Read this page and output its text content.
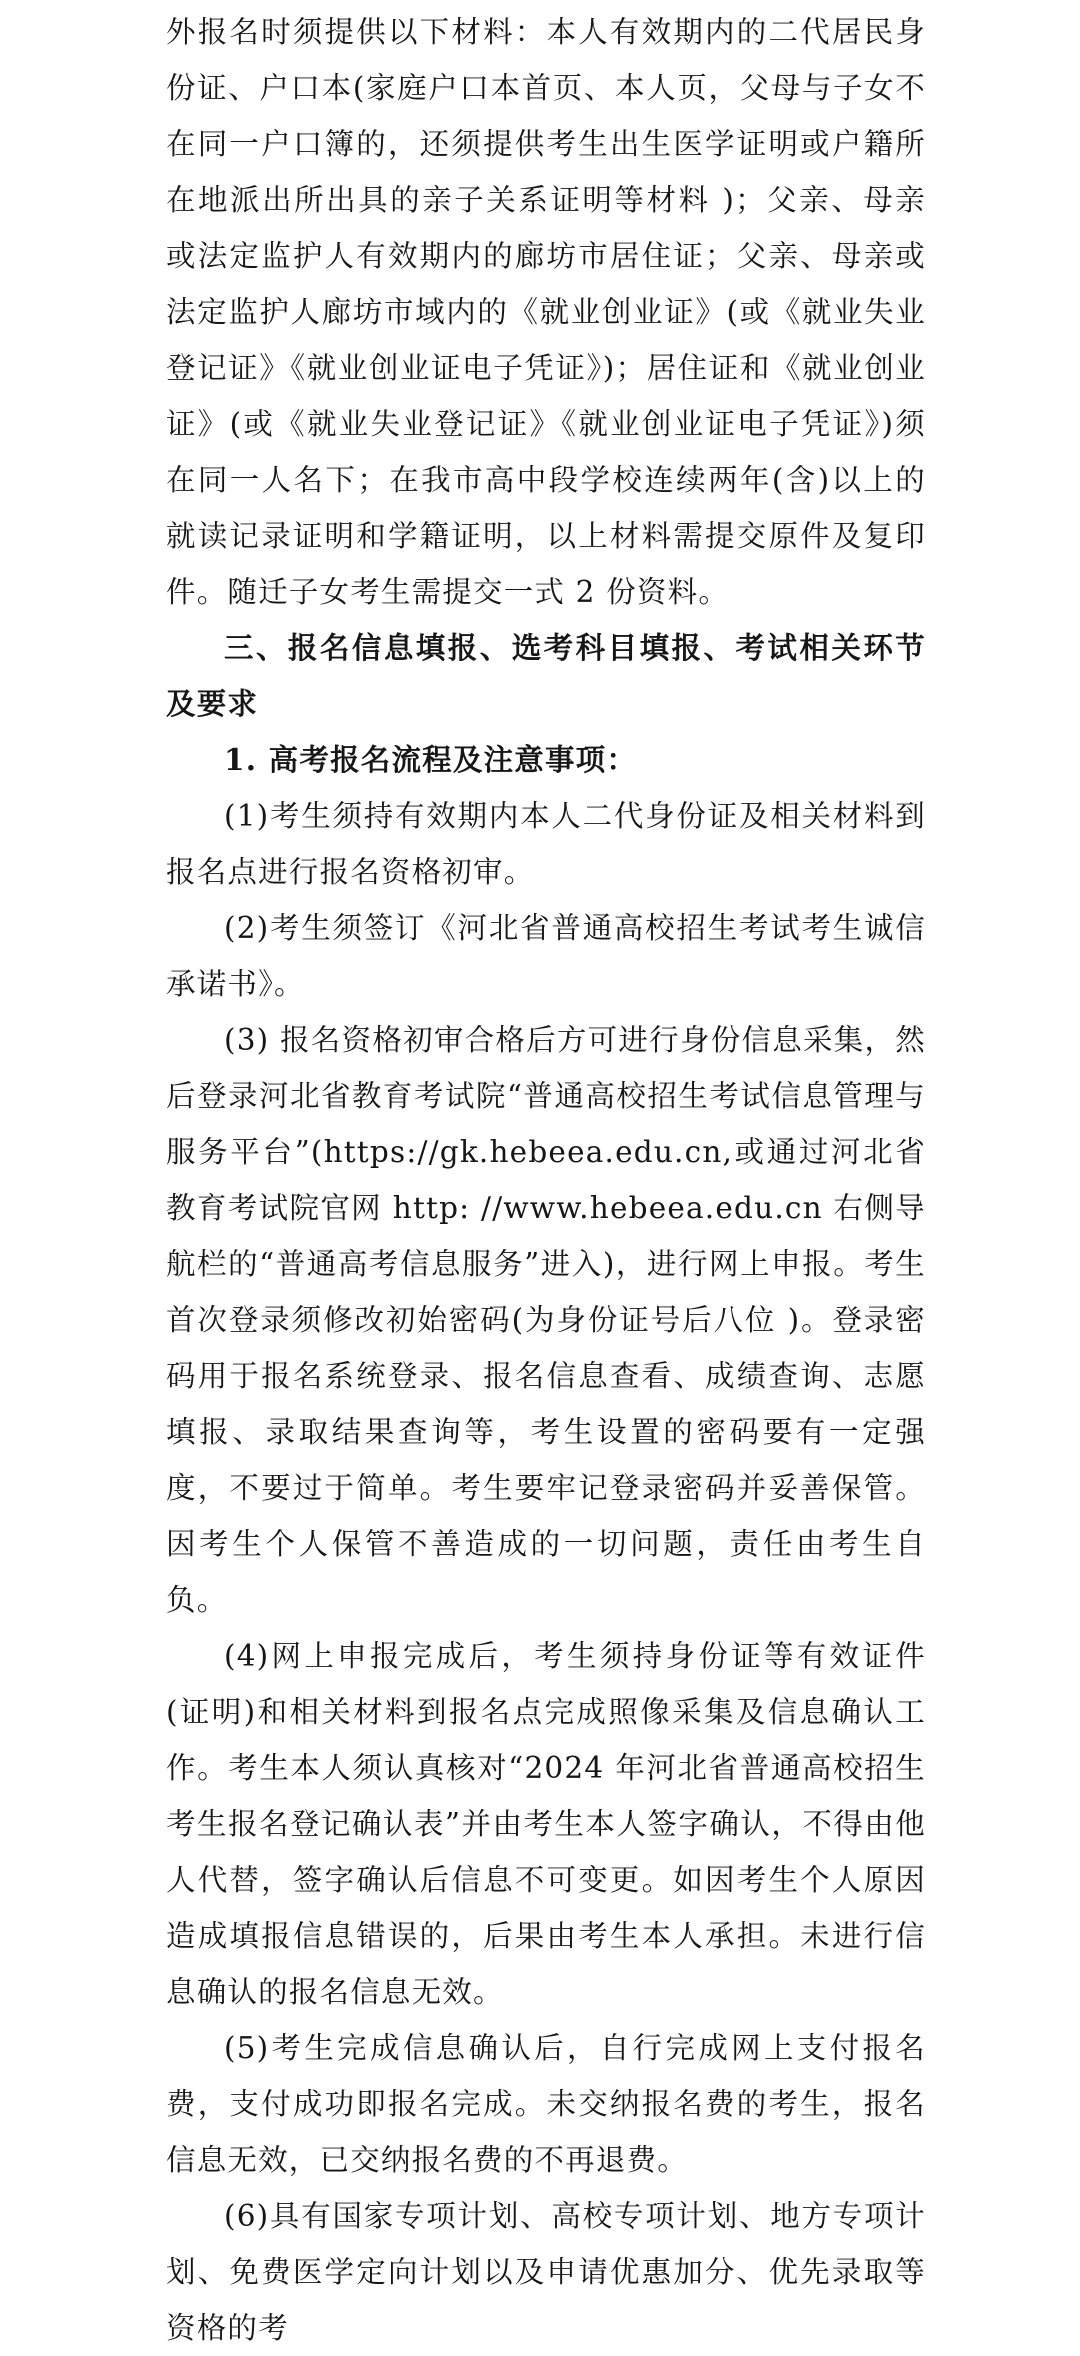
外报名时须提供以下材料：本人有效期内的二代居民身份证、户口本(家庭户口本首页、本人页，父母与子女不在同一户口簿的，还须提供考生出生医学证明或户籍所在地派出所出具的亲子关系证明等材料 )；父亲、母亲或法定监护人有效期内的廊坊市居住证；父亲、母亲或法定监护人廊坊市域内的《就业创业证》(或《就业失业登记证》《就业创业证电子凭证》)；居住证和《就业创业证》(或《就业失业登记证》《就业创业证电子凭证》)须在同一人名下；在我市高中段学校连续两年(含)以上的就读记录证明和学籍证明，以上材料需提交原件及复印件。随迁子女考生需提交一式 2 份资料。

三、报名信息填报、选考科目填报、考试相关环节及要求

1. 高考报名流程及注意事项：

(1)考生须持有效期内本人二代身份证及相关材料到报名点进行报名资格初审。

(2)考生须签订《河北省普通高校招生考试考生诚信承诺书》。

(3) 报名资格初审合格后方可进行身份信息采集，然后登录河北省教育考试院“普通高校招生考试信息管理与服务平台”(https://gk.hebeea.edu.cn,或通过河北省教育考试院官网 http: //www.hebeea.edu.cn 右侧导航栏的“普通高考信息服务”进入)，进行网上申报。考生首次登录须修改初始密码(为身份证号后八位 )。登录密码用于报名系统登录、报名信息查看、成绩查询、志愿填报、录取结果查询等，考生设置的密码要有一定强度，不要过于简单。考生要牢记登录密码并妥善保管。因考生个人保管不善造成的一切问题，责任由考生自负。

(4)网上申报完成后，考生须持身份证等有效证件(证明)和相关材料到报名点完成照像采集及信息确认工作。考生本人须认真核对“2024 年河北省普通高校招生考生报名登记确认表”并由考生本人签字确认，不得由他人代替，签字确认后信息不可变更。如因考生个人原因造成填报信息错误的，后果由考生本人承担。未进行信息确认的报名信息无效。

(5)考生完成信息确认后，自行完成网上支付报名费，支付成功即报名完成。未交纳报名费的考生，报名信息无效，已交纳报名费的不再退费。

(6)具有国家专项计划、高校专项计划、地方专项计划、免费医学定向计划以及申请优惠加分、优先录取等资格的考
